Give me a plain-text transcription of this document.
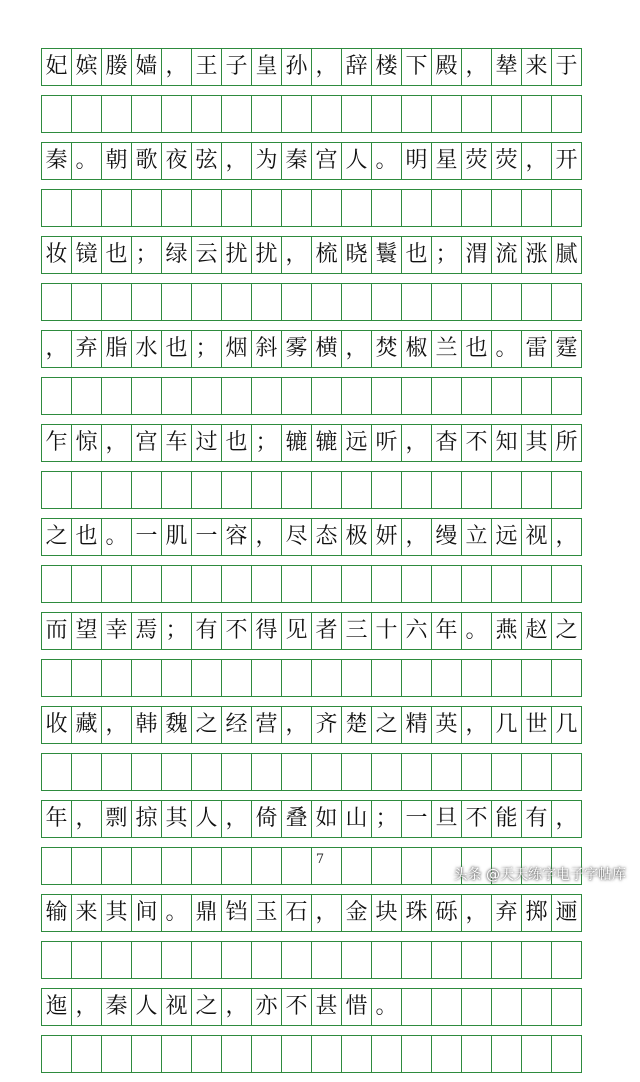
妃 嫔 媵 嫱 ， 王 子 皇 孙 ， 辞 楼 下 殿 ， 辇 来 于
秦 。 朝 歌 夜 弦 ， 为 秦 宫 人 。 明 星 荧 荧 ， 开
妆 镜 也 ； 绿 云 扰 扰 ， 梳 晓 鬟 也 ； 渭 流 涨 腻
， 弃 脂 水 也 ； 烟 斜 雾 横 ， 焚 椒 兰 也 。 雷 霆
乍 惊 ， 宫 车 过 也 ； 辘 辘 远 听 ， 杳 不 知 其 所
之 也 。 一 肌 一 容 ， 尽 态 极 妍 ， 缦 立 远 视 ，
而 望 幸 焉 ； 有 不 得 见 者 三 十 六 年 。 燕 赵 之
收 藏 ， 韩 魏 之 经 营 ， 齐 楚 之 精 英 ， 几 世 几
年 ， 剽 掠 其 人 ， 倚 叠 如 山 ； 一 旦 不 能 有 ，
输 来 其 间 。 鼎 铛 玉 石 ， 金 块 珠 砾 ， 弃 掷 逦
迤 ， 秦 人 视 之 ， 亦 不 甚 惜 。
7
头条 @天天练字电子字帖库
